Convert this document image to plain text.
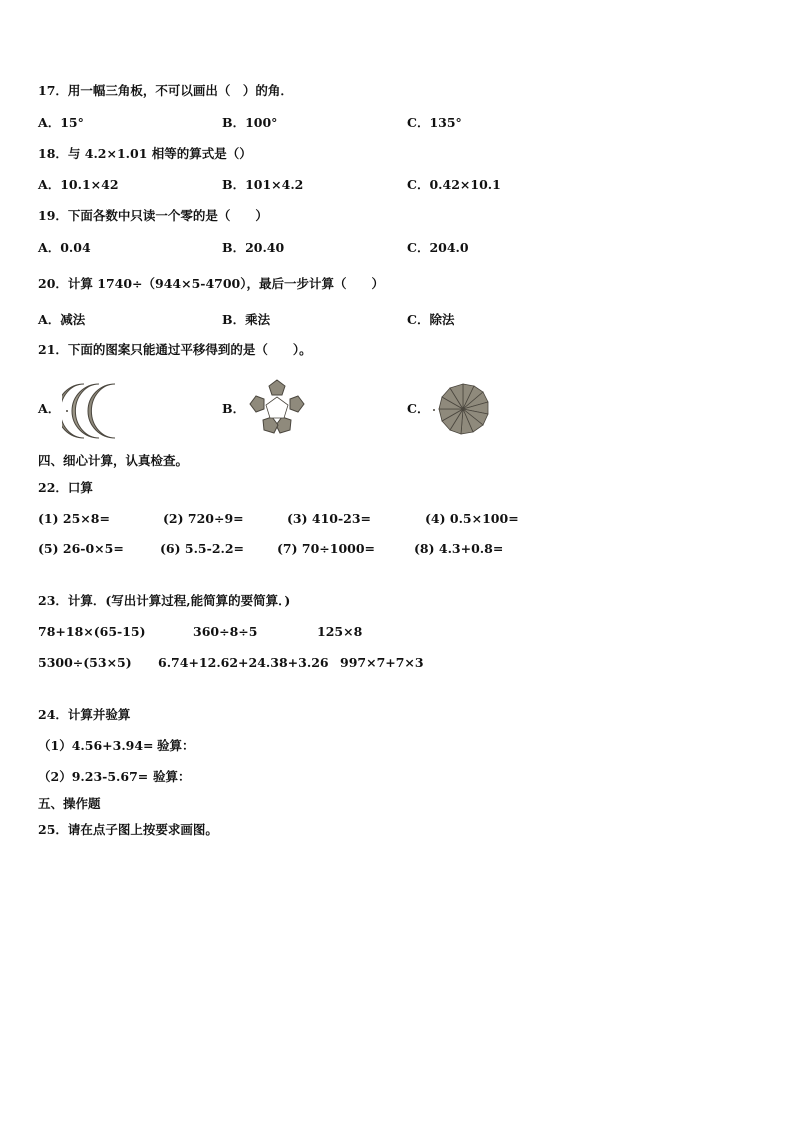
17．用一幅三角板，不可以画出（　）的角．
A．15°	B．100°	C．135°
18．与 4.2×1.01 相等的算式是（）
A．10.1×42	B．101×4.2	C．0.42×10.1
19．下面各数中只读一个零的是（　　）
A．0.04	B．20.40	C．204.0
20．计算 1740÷（944×5-4700），最后一步计算（　　）
A．减法	B．乘法	C．除法
21．下面的图案只能通过平移得到的是（　　）。
A．	B．	C．
四、细心计算，认真检查。
22．口算
(1) 25×8=	(2) 720÷9=	(3) 410-23=	(4) 0.5×100=
(5) 26-0×5=	(6) 5.5-2.2=	(7) 70÷1000=	(8) 4.3+0.8=
23．计算．(写出计算过程,能简算的要简算．)
78+18×(65-15)	360÷8÷5	125×8
5300÷(53×5) 6.74+12.62+24.38+3.26 997×7+7×3
24．计算并验算
（1）4.56+3.94= 验算：
（2）9.23-5.67= 验算：
五、操作题
25．请在点子图上按要求画图。
